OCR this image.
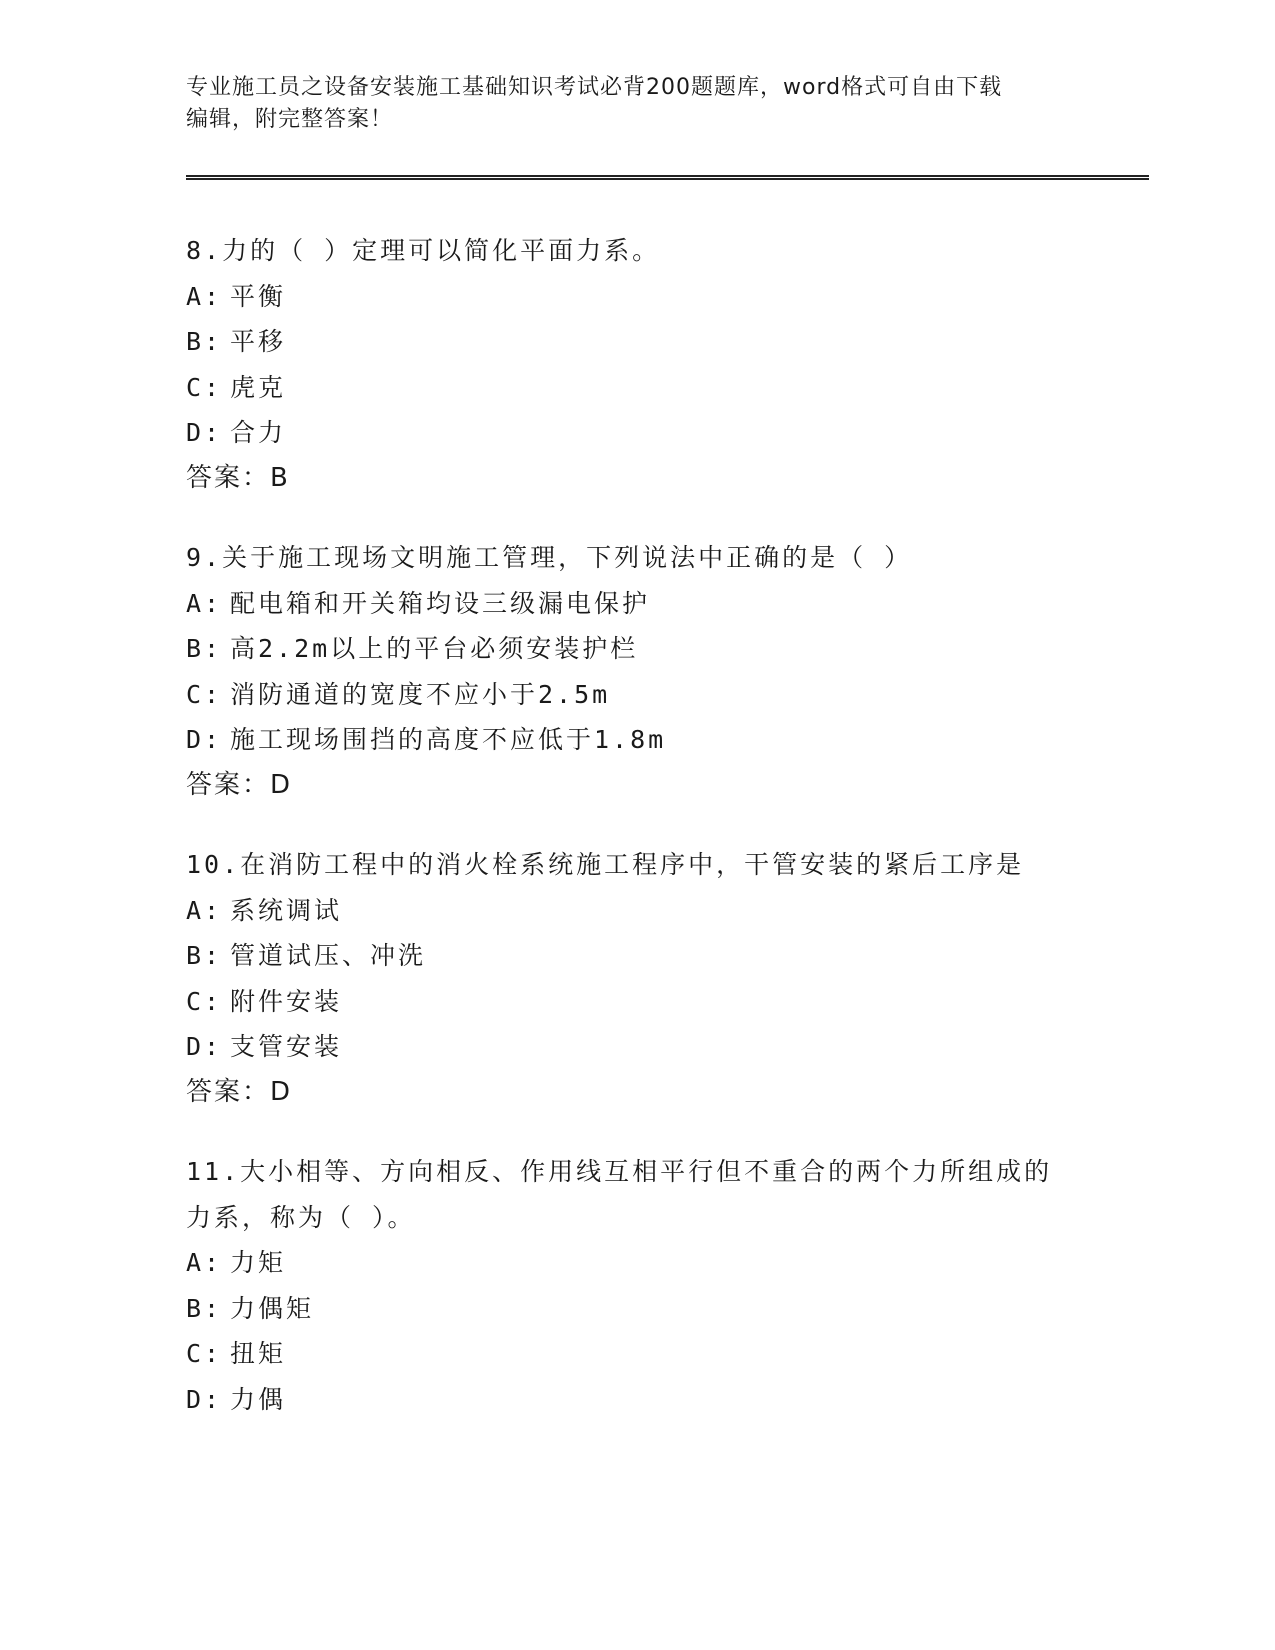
专业施工员之设备安装施工基础知识考试必背200题题库，word格式可自由下载
编辑，附完整答案！
8.力的（ ）定理可以简化平面力系。
A: 平衡
B: 平移
C: 虎克
D: 合力
答案：B
9.关于施工现场文明施工管理，下列说法中正确的是（ ）
A: 配电箱和开关箱均设三级漏电保护
B: 高2.2m以上的平台必须安装护栏
C: 消防通道的宽度不应小于2.5m
D: 施工现场围挡的高度不应低于1.8m
答案：D
10.在消防工程中的消火栓系统施工程序中，干管安装的紧后工序是
A: 系统调试
B: 管道试压、冲洗
C: 附件安装
D: 支管安装
答案：D
11.大小相等、方向相反、作用线互相平行但不重合的两个力所组成的
力系，称为（ ）。
A: 力矩
B: 力偶矩
C: 扭矩
D: 力偶
